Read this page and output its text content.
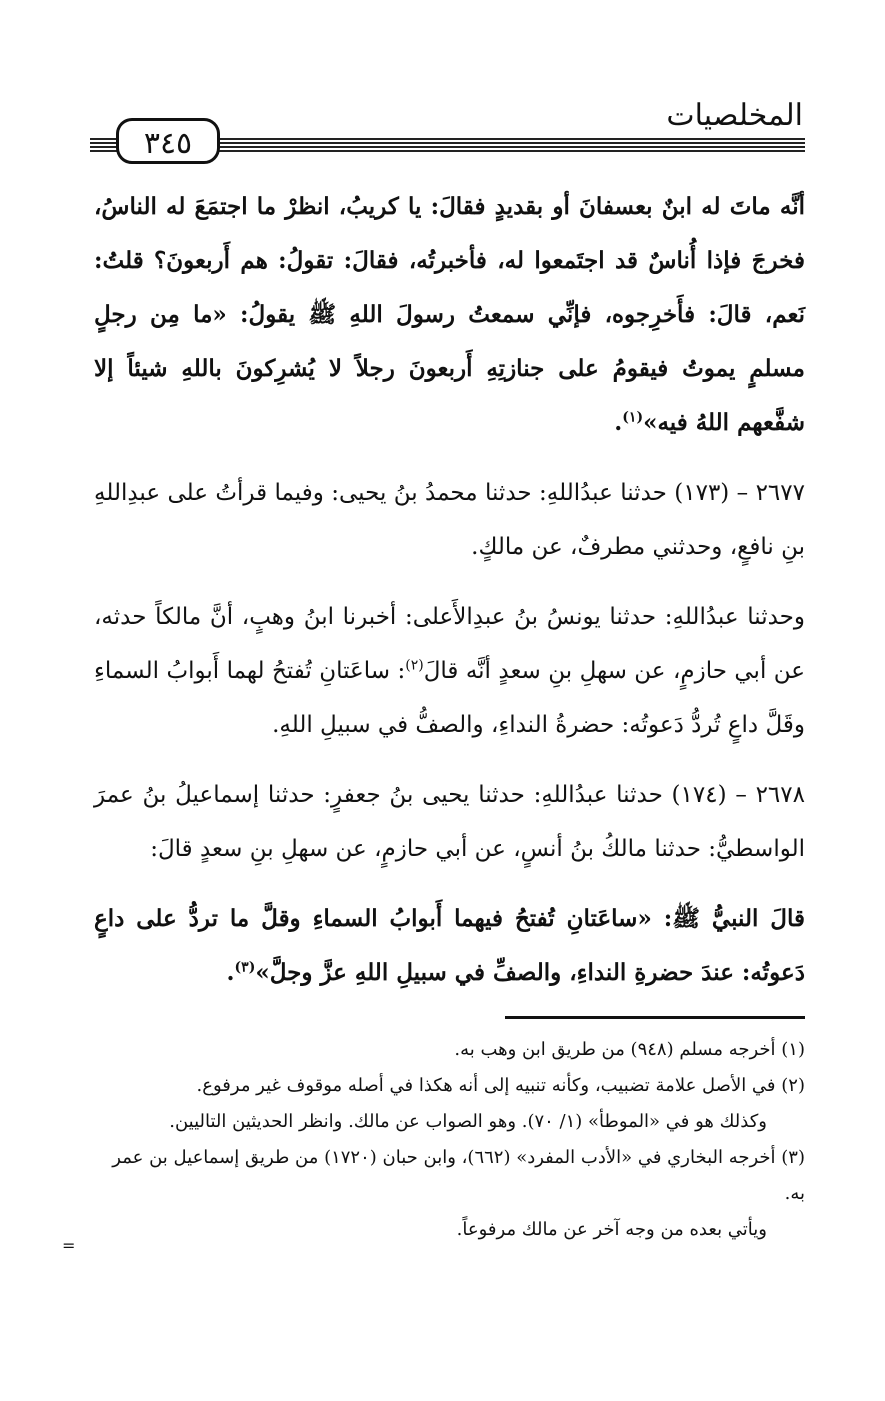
المخلصيات
٣٤٥

أنَّه ماتَ له ابنٌ بعسفانَ أو بقديدٍ فقالَ: يا كريبُ، انظرْ ما اجتمَعَ له الناسُ، فخرجَ فإذا أُناسٌ قد اجتَمعوا له، فأخبرتُه، فقالَ: تقولُ: هم أَربعونَ؟ قلتُ: نَعم، قالَ: فأَخرِجوه، فإنِّي سمعتُ رسولَ اللهِ ﷺ يقولُ: «ما مِن رجلٍ مسلمٍ يموتُ فيقومُ على جنازتِهِ أَربعونَ رجلاً لا يُشرِكونَ باللهِ شيئاً إلا شفَّعهم اللهُ فيه»$^{(١)}$.

٢٦٧٧ – (١٧٣) حدثنا عبدُاللهِ: حدثنا محمدُ بنُ يحيى: وفيما قرأتُ على عبدِاللهِ بنِ نافعٍ، وحدثني مطرفٌ، عن مالكٍ.

وحدثنا عبدُاللهِ: حدثنا يونسُ بنُ عبدِالأَعلى: أخبرنا ابنُ وهبٍ، أنَّ مالكاً حدثه، عن أبي حازمٍ، عن سهلِ بنِ سعدٍ أنَّه قالَ$^{(٢)}$: ساعَتانِ تُفتحُ لهما أَبوابُ السماءِ وقَلَّ داعٍ تُردُّ دَعوتُه: حضرةُ النداءِ، والصفُّ في سبيلِ اللهِ.

٢٦٧٨ – (١٧٤) حدثنا عبدُاللهِ: حدثنا يحيى بنُ جعفرٍ: حدثنا إسماعيلُ بنُ عمرَ الواسطيُّ: حدثنا مالكُ بنُ أنسٍ، عن أبي حازمٍ، عن سهلِ بنِ سعدٍ قالَ:

قالَ النبيُّ ﷺ: «ساعَتانِ تُفتحُ فيهما أَبوابُ السماءِ وقلَّ ما تردُّ على داعٍ دَعوتُه: عندَ حضرةِ النداءِ، والصفِّ في سبيلِ اللهِ عزَّ وجلَّ»$^{(٣)}$.

(١) أخرجه مسلم (٩٤٨) من طريق ابن وهب به.

(٢) في الأصل علامة تضبيب، وكأنه تنبيه إلى أنه هكذا في أصله موقوف غير مرفوع.

وكذلك هو في «الموطأ» (١/ ٧٠). وهو الصواب عن مالك. وانظر الحديثين التاليين.

(٣) أخرجه البخاري في «الأدب المفرد» (٦٦٢)، وابن حبان (١٧٢٠) من طريق إسماعيل بن عمر به.

ويأتي بعده من وجه آخر عن مالك مرفوعاً.

=
